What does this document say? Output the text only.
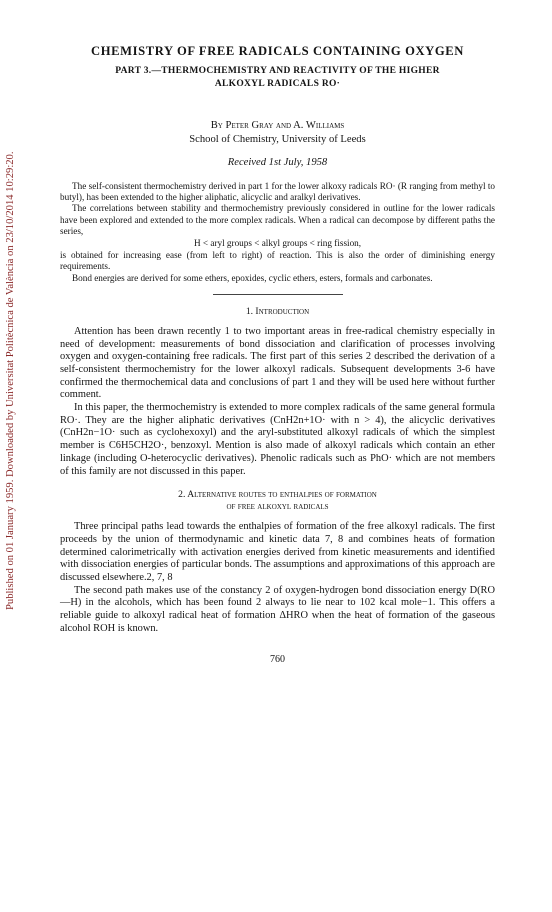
Published on 01 January 1959. Downloaded by Universitat Politècnica de València on 23/10/2014 10:29:20.
CHEMISTRY OF FREE RADICALS CONTAINING OXYGEN
PART 3.—THERMOCHEMISTRY AND REACTIVITY OF THE HIGHER
ALKOXYL RADICALS RO·
By Peter Gray and A. Williams
School of Chemistry, University of Leeds
Received 1st July, 1958

The self-consistent thermochemistry derived in part 1 for the lower alkoxy radicals RO· (R ranging from methyl to butyl), has been extended to the higher aliphatic, alicyclic and aralkyl derivatives.

The correlations between stability and thermochemistry previously considered in outline for the lower radicals have been explored and extended to the more complex radicals. When a radical can decompose by different paths the series,

H < aryl groups < alkyl groups < ring fission,

is obtained for increasing ease (from left to right) of reaction. This is also the order of diminishing energy requirements.

Bond energies are derived for some ethers, epoxides, cyclic ethers, esters, formals and carbonates.

1. Introduction

Attention has been drawn recently 1 to two important areas in free-radical chemistry especially in need of development: measurements of bond dissociation and clarification of processes involving oxygen and oxygen-containing free radicals. The first part of this series 2 described the derivation of a self-consistent thermochemistry for the lower alkoxyl radicals. Subsequent developments 3-6 have confirmed the thermochemical data and conclusions of part 1 and they will be used here without further comment.

In this paper, the thermochemistry is extended to more complex radicals of the same general formula RO·. They are the higher aliphatic derivatives (CnH2n+1O· with n > 4), the alicyclic derivatives (CnH2n−1O· such as cyclohexoxyl) and the aryl-substituted alkoxyl radicals of which the simplest member is C6H5CH2O·, benzoxyl. Mention is also made of alkoxyl radicals which contain an ether linkage (including O-heterocyclic derivatives). Phenolic radicals such as PhO· which are not members of this family are not discussed in this paper.

2. Alternative routes to enthalpies of formation
of free alkoxyl radicals

Three principal paths lead towards the enthalpies of formation of the free alkoxyl radicals. The first proceeds by the union of thermodynamic and kinetic data 7, 8 and combines heats of formation determined calorimetrically with activation energies derived from kinetic measurements and identified with dissociation energies of particular bonds. The assumptions and approximations of this approach are discussed elsewhere.2, 7, 8

The second path makes use of the constancy 2 of oxygen-hydrogen bond dissociation energy D(RO—H) in the alcohols, which has been found 2 always to lie near to 102 kcal mole−1. This offers a reliable guide to alkoxyl radical heat of formation ΔHRO when the heat of formation of the gaseous alcohol ROH is known.

760
